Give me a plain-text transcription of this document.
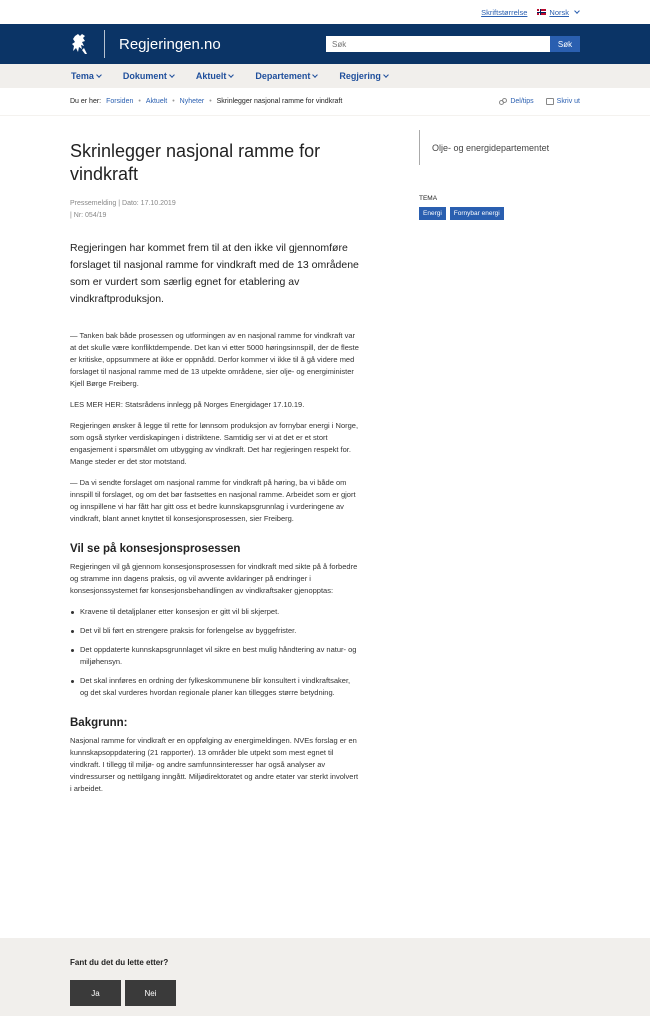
Skriftstørrelse	Norsk
Regjeringen.no
Søk	Søk
Tema	Dokument	Aktuelt	Departement	Regjering
Du er her: Forsiden • Aktuelt • Nyheter • Skrinlegger nasjonal ramme for vindkraft	Del/tips	Skriv ut
Skrinlegger nasjonal ramme for vindkraft
Pressemelding | Dato: 17.10.2019
| Nr: 054/19

Regjeringen har kommet frem til at den ikke vil gjennomføre forslaget til nasjonal ramme for vindkraft med de 13 områdene som er vurdert som særlig egnet for etablering av vindkraftproduksjon.

— Tanken bak både prosessen og utformingen av en nasjonal ramme for vindkraft var at det skulle være konfliktdempende. Det kan vi etter 5000 høringsinnspill, der de fleste er kritiske, oppsummere at ikke er oppnådd. Derfor kommer vi ikke til å gå videre med forslaget til nasjonal ramme med de 13 utpekte områdene, sier olje- og energiminister Kjell Børge Freiberg.

LES MER HER: Statsrådens innlegg på Norges Energidager 17.10.19.

Regjeringen ønsker å legge til rette for lønnsom produksjon av fornybar energi i Norge, som også styrker verdiskapingen i distriktene. Samtidig ser vi at det er et stort engasjement i spørsmålet om utbygging av vindkraft. Det har regjeringen respekt for. Mange steder er det stor motstand.

— Da vi sendte forslaget om nasjonal ramme for vindkraft på høring, ba vi både om innspill til forslaget, og om det bør fastsettes en nasjonal ramme. Arbeidet som er gjort og innspillene vi har fått har gitt oss et bedre kunnskapsgrunnlag i vurderingene av vindkraft, blant annet knyttet til konsesjonsprosessen, sier Freiberg.

Vil se på konsesjonsprosessen

Regjeringen vil gå gjennom konsesjonsprosessen for vindkraft med sikte på å forbedre og stramme inn dagens praksis, og vil avvente avklaringer på endringer i konsesjonssystemet før konsesjonsbehandlingen av vindkraftsaker gjenopptas:

Kravene til detaljplaner etter konsesjon er gitt vil bli skjerpet.
Det vil bli ført en strengere praksis for forlengelse av byggefrister.
Det oppdaterte kunnskapsgrunnlaget vil sikre en best mulig håndtering av natur- og miljøhensyn.
Det skal innføres en ordning der fylkeskommunene blir konsultert i vindkraftsaker, og det skal vurderes hvordan regionale planer kan tillegges større betydning.
Bakgrunn:

Nasjonal ramme for vindkraft er en oppfølging av energimeldingen. NVEs forslag er en kunnskapsoppdatering (21 rapporter). 13 områder ble utpekt som mest egnet til vindkraft. I tillegg til miljø- og andre samfunnsinteresser har også analyser av vindressurser og nettilgang inngått. Miljødirektoratet og andre etater var sterkt involvert i arbeidet.

Olje- og energidepartementet
TEMA
Energi	Fornybar energi
Fant du det du lette etter?
Ja	Nei
